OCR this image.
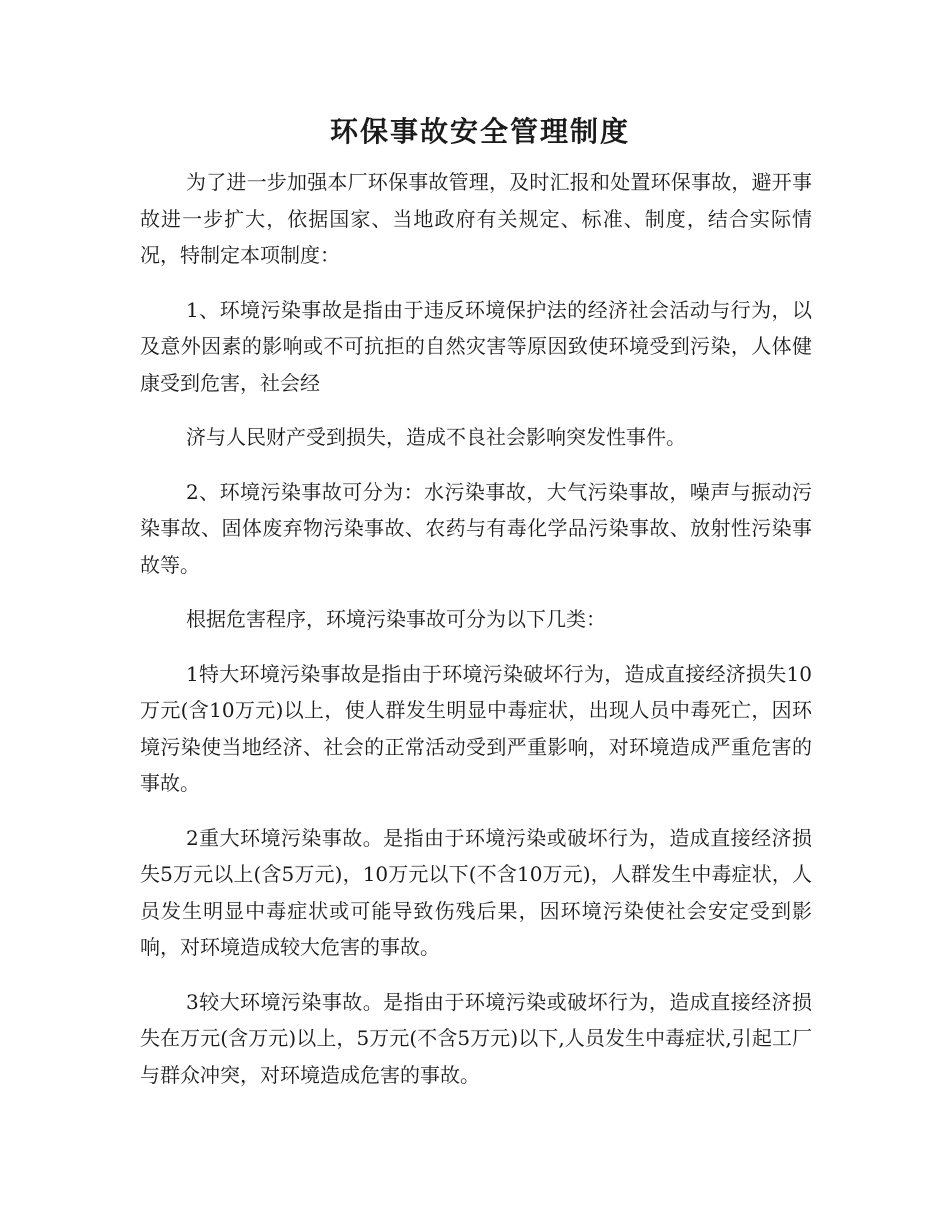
环保事故安全管理制度

为了进一步加强本厂环保事故管理，及时汇报和处置环保事故，避开事故进一步扩大，依据国家、当地政府有关规定、标准、制度，结合实际情况，特制定本项制度：

1、环境污染事故是指由于违反环境保护法的经济社会活动与行为，以及意外因素的影响或不可抗拒的自然灾害等原因致使环境受到污染，人体健康受到危害，社会经

济与人民财产受到损失，造成不良社会影响突发性事件。

2、环境污染事故可分为：水污染事故，大气污染事故，噪声与振动污染事故、固体废弃物污染事故、农药与有毒化学品污染事故、放射性污染事故等。

根据危害程序，环境污染事故可分为以下几类：

1特大环境污染事故是指由于环境污染破坏行为，造成直接经济损失10万元(含10万元)以上，使人群发生明显中毒症状，出现人员中毒死亡，因环境污染使当地经济、社会的正常活动受到严重影响，对环境造成严重危害的事故。

2重大环境污染事故。是指由于环境污染或破坏行为，造成直接经济损失5万元以上(含5万元)，10万元以下(不含10万元)，人群发生中毒症状，人员发生明显中毒症状或可能导致伤残后果，因环境污染使社会安定受到影响，对环境造成较大危害的事故。

3较大环境污染事故。是指由于环境污染或破坏行为，造成直接经济损失在万元(含万元)以上，5万元(不含5万元)以下,人员发生中毒症状,引起工厂与群众冲突，对环境造成危害的事故。
